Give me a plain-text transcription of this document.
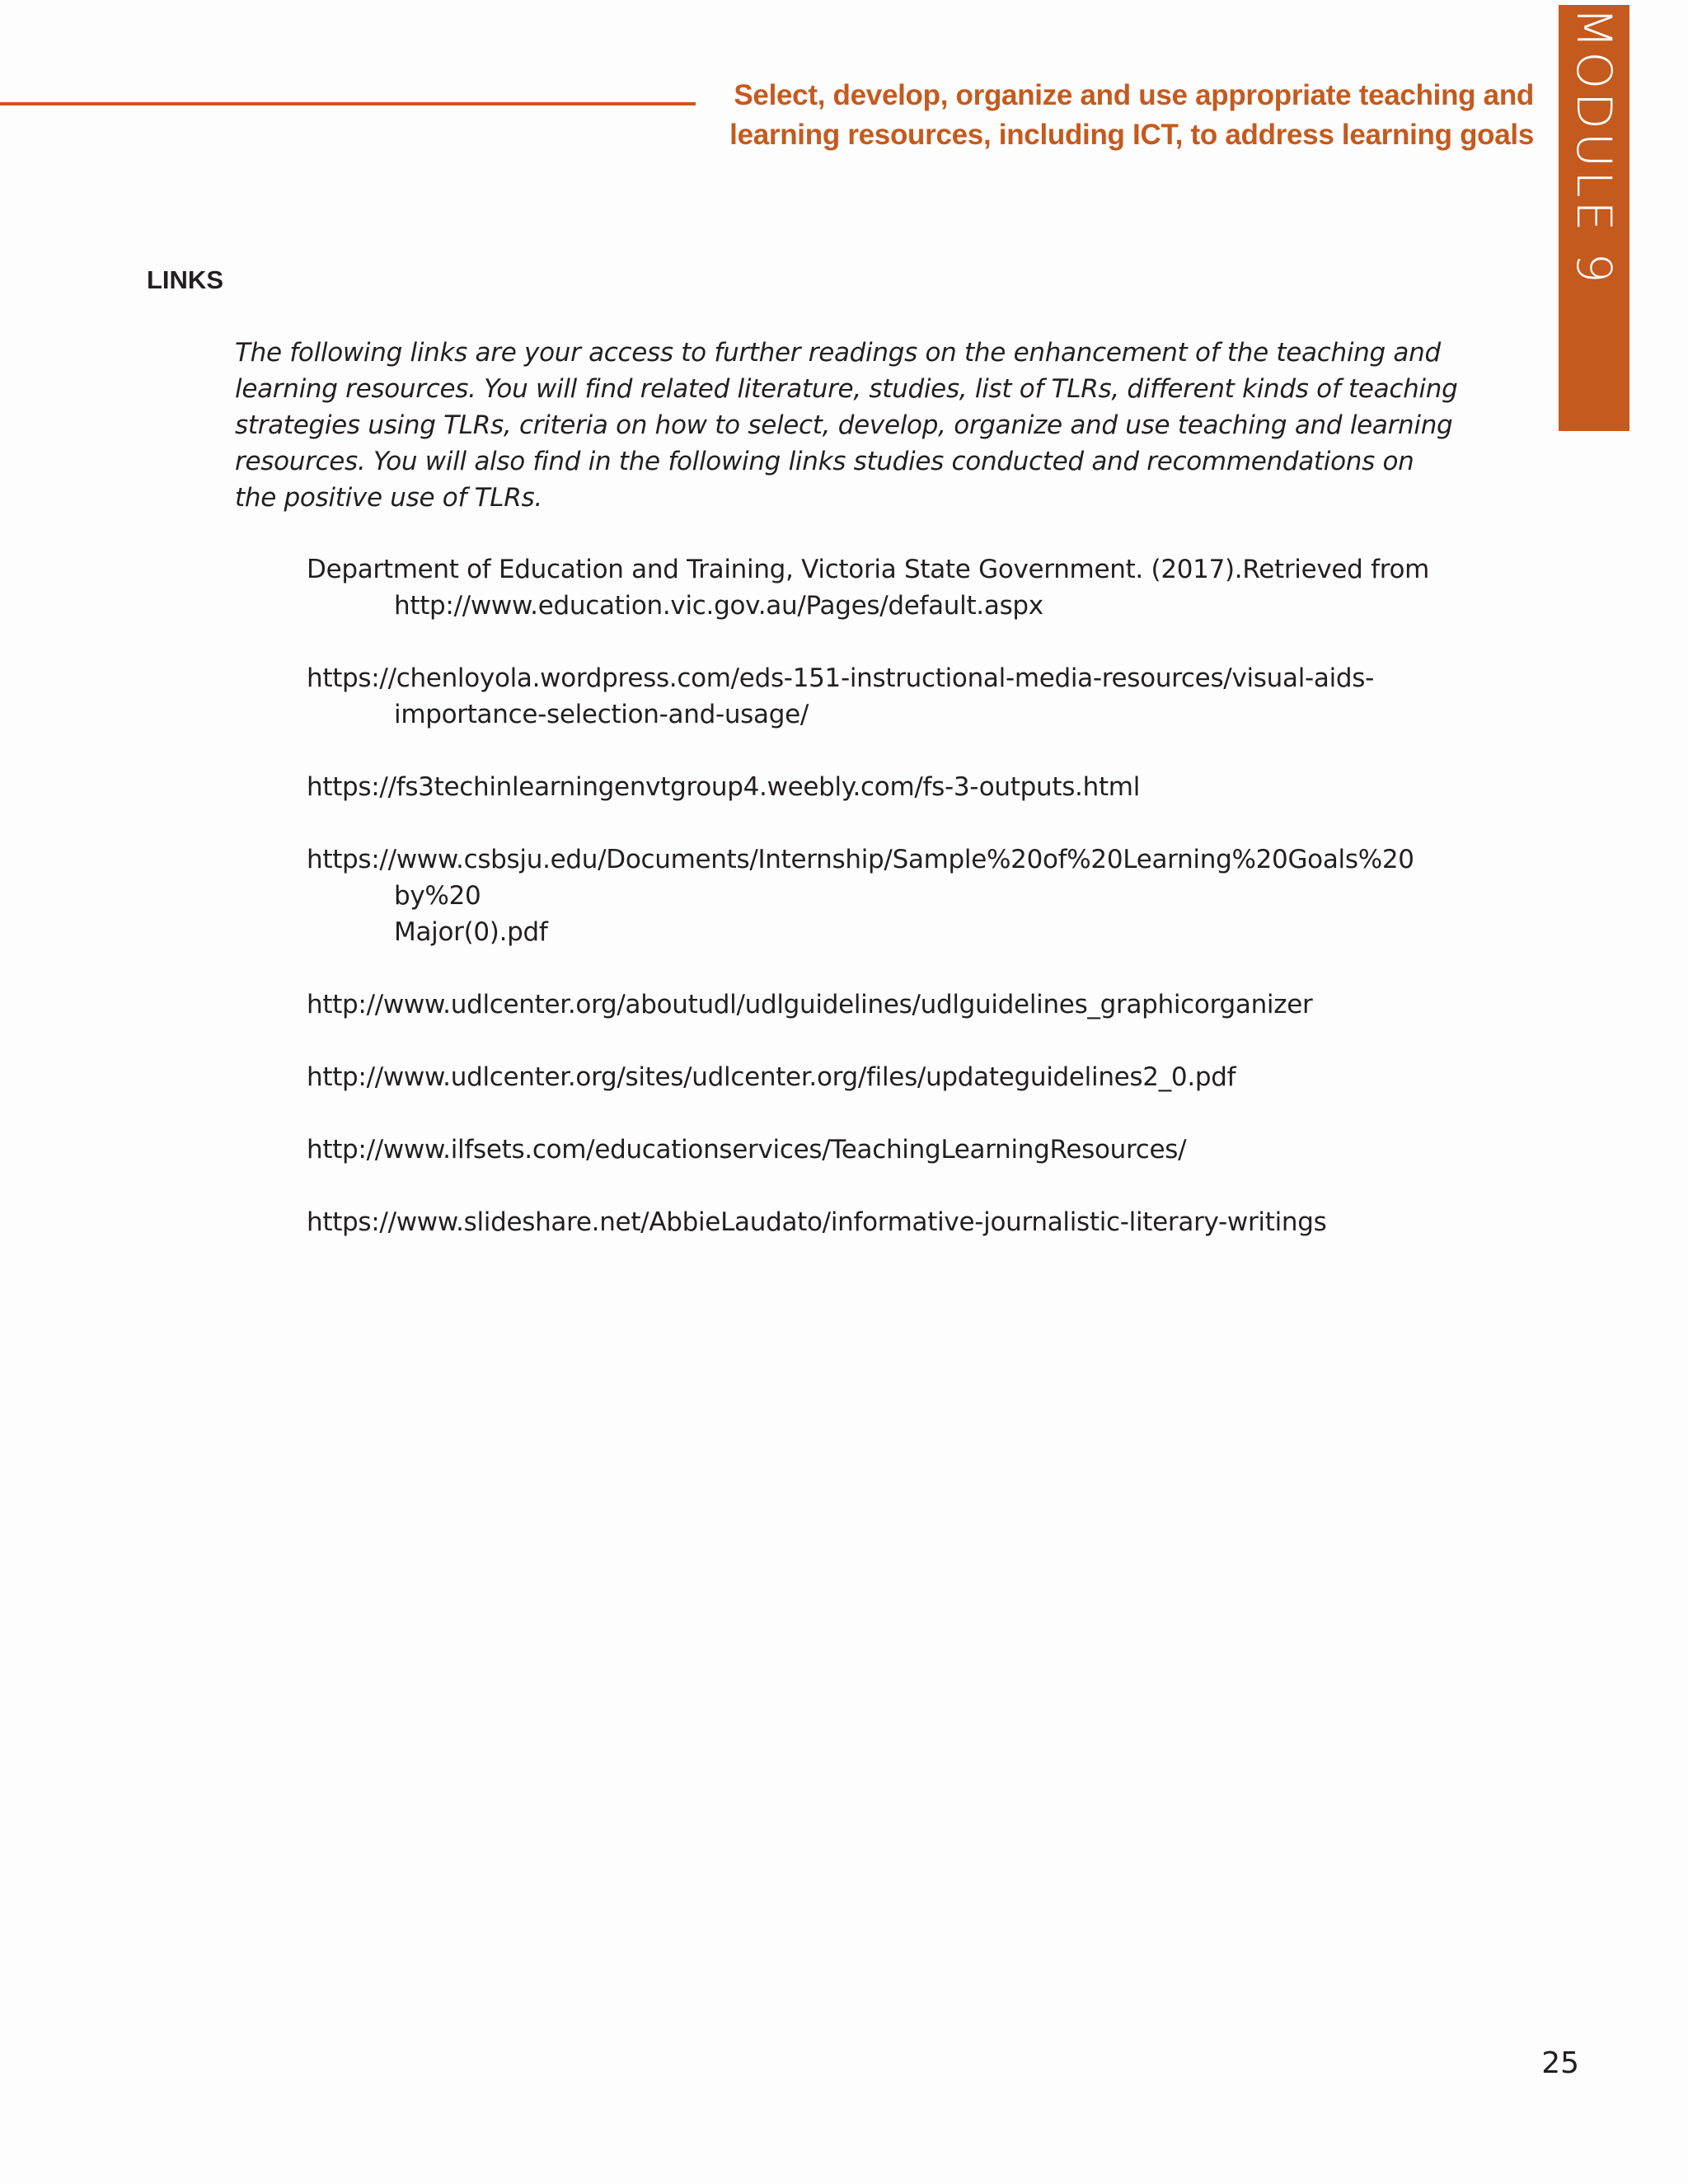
Select, develop, organize and use appropriate teaching and
learning resources, including ICT, to address learning goals MODULE 9
LINKS

The following links are your access to further readings on the enhancement of the teaching and learning resources. You will find related literature, studies, list of TLRs, different kinds of teaching strategies using TLRs, criteria on how to select, develop, organize and use teaching and learning resources. You will also find in the following links studies conducted and recommendations on the positive use of TLRs.

Department of Education and Training, Victoria State Government. (2017).Retrieved from
http://www.education.vic.gov.au/Pages/default.aspx
https://chenloyola.wordpress.com/eds-151-instructional-media-resources/visual-aids-
importance-selection-and-usage/
https://fs3techinlearningenvtgroup4.weebly.com/fs-3-outputs.html
https://www.csbsju.edu/Documents/Internship/Sample%20of%20Learning%20Goals%20
by%20
Major(0).pdf
http://www.udlcenter.org/aboutudl/udlguidelines/udlguidelines_graphicorganizer
http://www.udlcenter.org/sites/udlcenter.org/files/updateguidelines2_0.pdf
http://www.ilfsets.com/educationservices/TeachingLearningResources/
https://www.slideshare.net/AbbieLaudato/informative-journalistic-literary-writings
25
